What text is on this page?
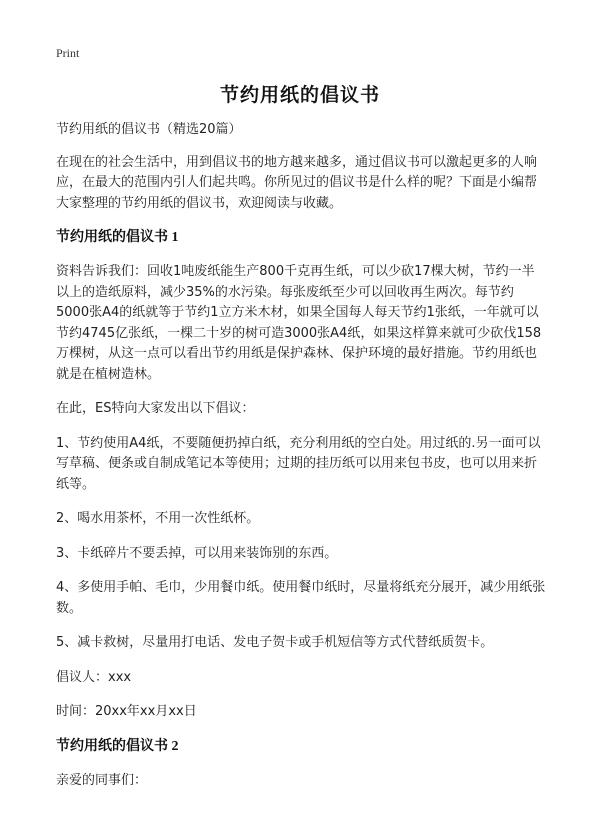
Print
节约用纸的倡议书

节约用纸的倡议书（精选20篇）

在现在的社会生活中，用到倡议书的地方越来越多，通过倡议书可以激起更多的人响应，在最大的范围内引人们起共鸣。你所见过的倡议书是什么样的呢？下面是小编帮大家整理的节约用纸的倡议书，欢迎阅读与收藏。

节约用纸的倡议书 1

资料告诉我们：回收1吨废纸能生产800千克再生纸，可以少砍17棵大树，节约一半以上的造纸原料，减少35%的水污染。每张废纸至少可以回收再生两次。每节约5000张A4的纸就等于节约1立方米木材，如果全国每人每天节约1张纸，一年就可以节约4745亿张纸，一棵二十岁的树可造3000张A4纸，如果这样算来就可少砍伐158万棵树，从这一点可以看出节约用纸是保护森林、保护环境的最好措施。节约用纸也就是在植树造林。

在此，ES特向大家发出以下倡议：

1、节约使用A4纸，不要随便扔掉白纸，充分利用纸的空白处。用过纸的.另一面可以写草稿、便条或自制成笔记本等使用；过期的挂历纸可以用来包书皮，也可以用来折纸等。

2、喝水用茶杯，不用一次性纸杯。

3、卡纸碎片不要丢掉，可以用来装饰别的东西。

4、多使用手帕、毛巾，少用餐巾纸。使用餐巾纸时，尽量将纸充分展开，减少用纸张数。

5、减卡救树，尽量用打电话、发电子贺卡或手机短信等方式代替纸质贺卡。

倡议人：xxx

时间：20xx年xx月xx日

节约用纸的倡议书 2

亲爱的同事们：
